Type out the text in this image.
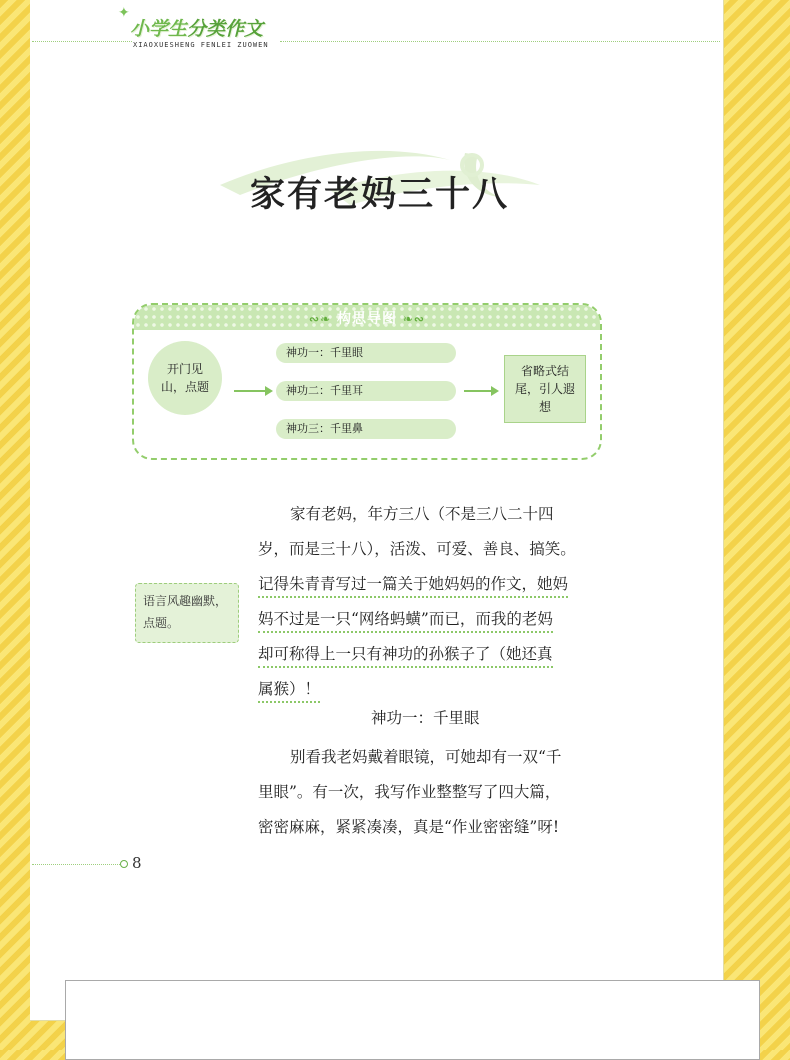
✦
小学生分类作文
XIAOXUESHENG FENLEI ZUOWEN
家有老妈三十八
∾❧ 构思导图 ❧∾
开门见山，点题
神功一：千里眼
神功二：千里耳
神功三：千里鼻
省略式结尾，引人遐想
语言风趣幽默，点题。
家有老妈，年方三八（不是三八二十四
岁，而是三十八），活泼、可爱、善良、搞笑。
记得朱青青写过一篇关于她妈妈的作文，她妈
妈不过是一只“网络蚂蟥”而已，而我的老妈
却可称得上一只有神功的孙猴子了（她还真
属猴）！
神功一：千里眼
别看我老妈戴着眼镜，可她却有一双“千
里眼”。有一次，我写作业整整写了四大篇，
密密麻麻，紧紧凑凑，真是“作业密密缝”呀!
8
